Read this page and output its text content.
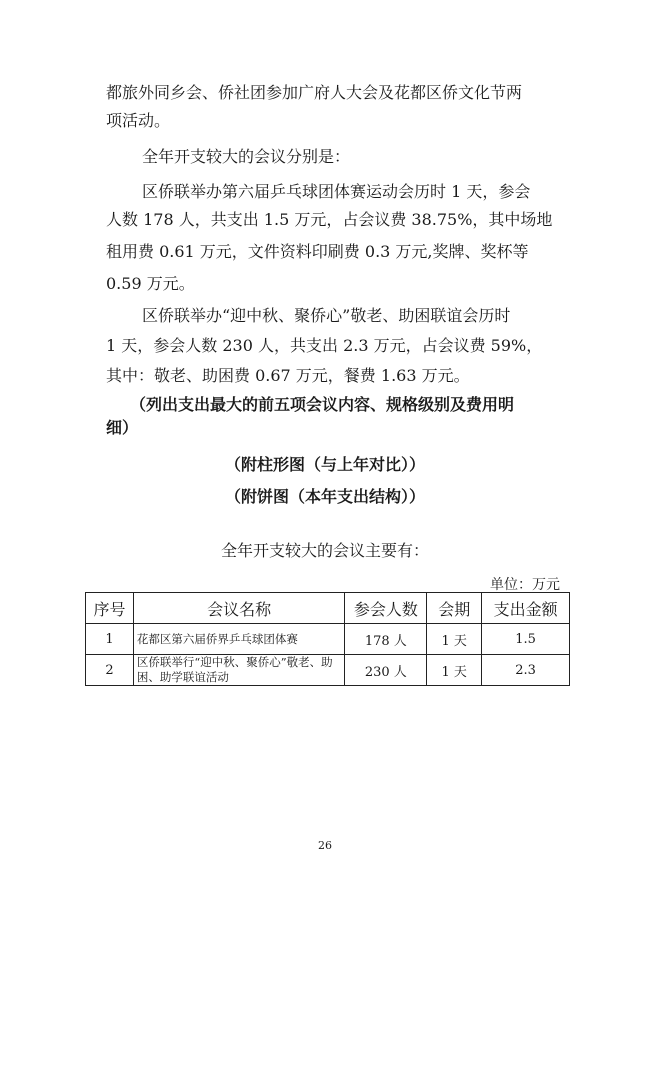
都旅外同乡会、侨社团参加广府人大会及花都区侨文化节两

项活动。

全年开支较大的会议分别是：

区侨联举办第六届乒乓球团体赛运动会历时 1 天，参会

人数 178 人，共支出 1.5 万元，占会议费 38.75%，其中场地

租用费 0.61 万元，文件资料印刷费 0.3 万元,奖牌、奖杯等

0.59 万元。

区侨联举办“迎中秋、聚侨心”敬老、助困联谊会历时

1 天，参会人数 230 人，共支出 2.3 万元，占会议费 59%，

其中：敬老、助困费 0.67 万元，餐费 1.63 万元。

（列出支出最大的前五项会议内容、规格级别及费用明

细）

（附柱形图（与上年对比））

（附饼图（本年支出结构））

全年开支较大的会议主要有：

单位：万元
序号	会议名称	参会人数	会期	支出金额
1	花都区第六届侨界乒乓球团体赛	178 人	1 天	1.5
2	区侨联举行“迎中秋、聚侨心”敬老、助困、助学联谊活动	230 人	1 天	2.3
26
